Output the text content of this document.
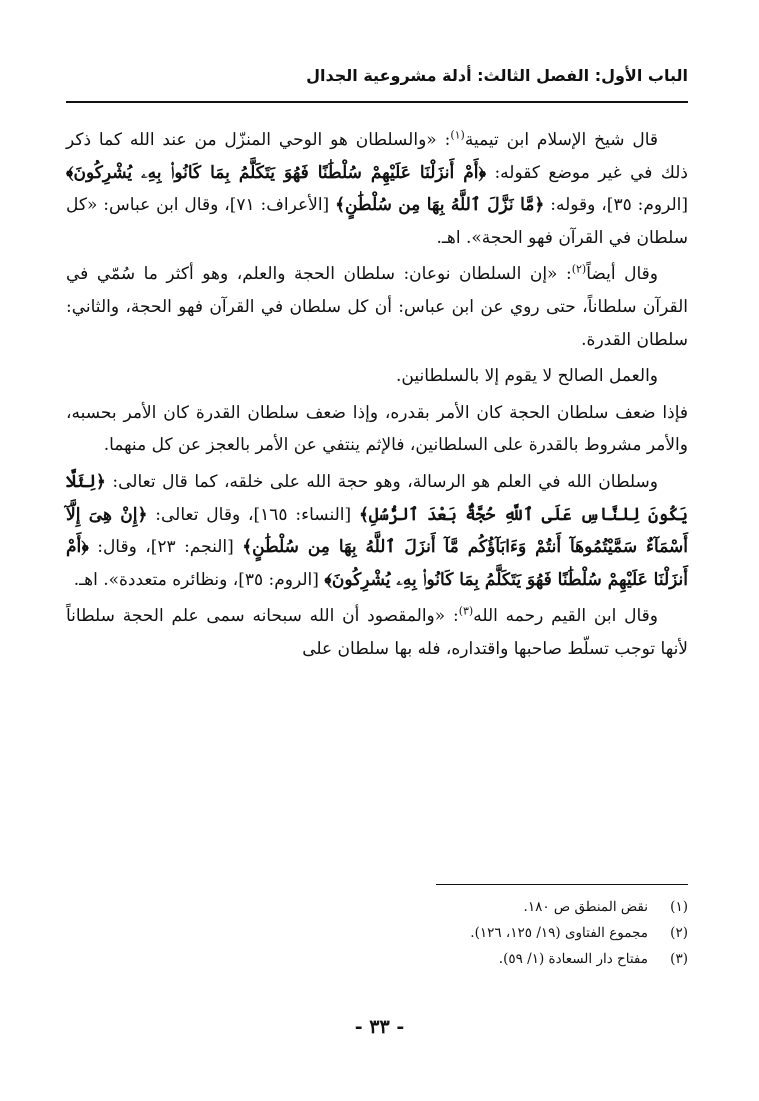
الباب الأول: الفصل الثالث: أدلة مشروعية الجدال

قال شيخ الإسلام ابن تيمية$^{(١)}$: «والسلطان هو الوحي المنزّل من عند الله كما ذكر ذلك في غير موضع كقوله: ﴿أَمْ أَنزَلْنَا عَلَيْهِمْ سُلْطَٰنًا فَهُوَ يَتَكَلَّمُ بِمَا كَانُوا۟ بِهِۦ يُشْرِكُونَ﴾ [الروم: ٣٥]، وقوله: ﴿مَّا نَزَّلَ ٱللَّهُ بِهَا مِن سُلْطَٰنٍ﴾ [الأعراف: ٧١]، وقال ابن عباس: «كل سلطان في القرآن فهو الحجة». اهـ.

وقال أيضاً$^{(٢)}$: «إن السلطان نوعان: سلطان الحجة والعلم، وهو أكثر ما سُمّي في القرآن سلطاناً، حتى روي عن ابن عباس: أن كل سلطان في القرآن فهو الحجة، والثاني: سلطان القدرة.

والعمل الصالح لا يقوم إلا بالسلطانين.

فإذا ضعف سلطان الحجة كان الأمر بقدره، وإذا ضعف سلطان القدرة كان الأمر بحسبه، والأمر مشروط بالقدرة على السلطانين، فالإثم ينتفي عن الأمر بالعجز عن كل منهما.

وسلطان الله في العلم هو الرسالة، وهو حجة الله على خلقه، كما قال تعالى: ﴿لِئَلَّا يَكُونَ لِلنَّاسِ عَلَى ٱللَّهِ حُجَّةٌۢ بَعْدَ ٱلرُّسُلِ﴾ [النساء: ١٦٥]، وقال تعالى: ﴿إِنْ هِىَ إِلَّآ أَسْمَآءٌ سَمَّيْتُمُوهَآ أَنتُمْ وَءَابَآؤُكُم مَّآ أَنزَلَ ٱللَّهُ بِهَا مِن سُلْطَٰنٍ﴾ [النجم: ٢٣]، وقال: ﴿أَمْ أَنزَلْنَا عَلَيْهِمْ سُلْطَٰنًا فَهُوَ يَتَكَلَّمُ بِمَا كَانُوا۟ بِهِۦ يُشْرِكُونَ﴾ [الروم: ٣٥]، ونظائره متعددة». اهـ.

وقال ابن القيم رحمه الله$^{(٣)}$: «والمقصود أن الله سبحانه سمى علم الحجة سلطاناً لأنها توجب تسلّط صاحبها واقتداره، فله بها سلطان على

(١)نقض المنطق ص ١٨٠.
(٢)مجموع الفتاوى (١٩/ ١٢٥، ١٢٦).
(٣)مفتاح دار السعادة (١/ ٥٩).
- ٣٣ -
